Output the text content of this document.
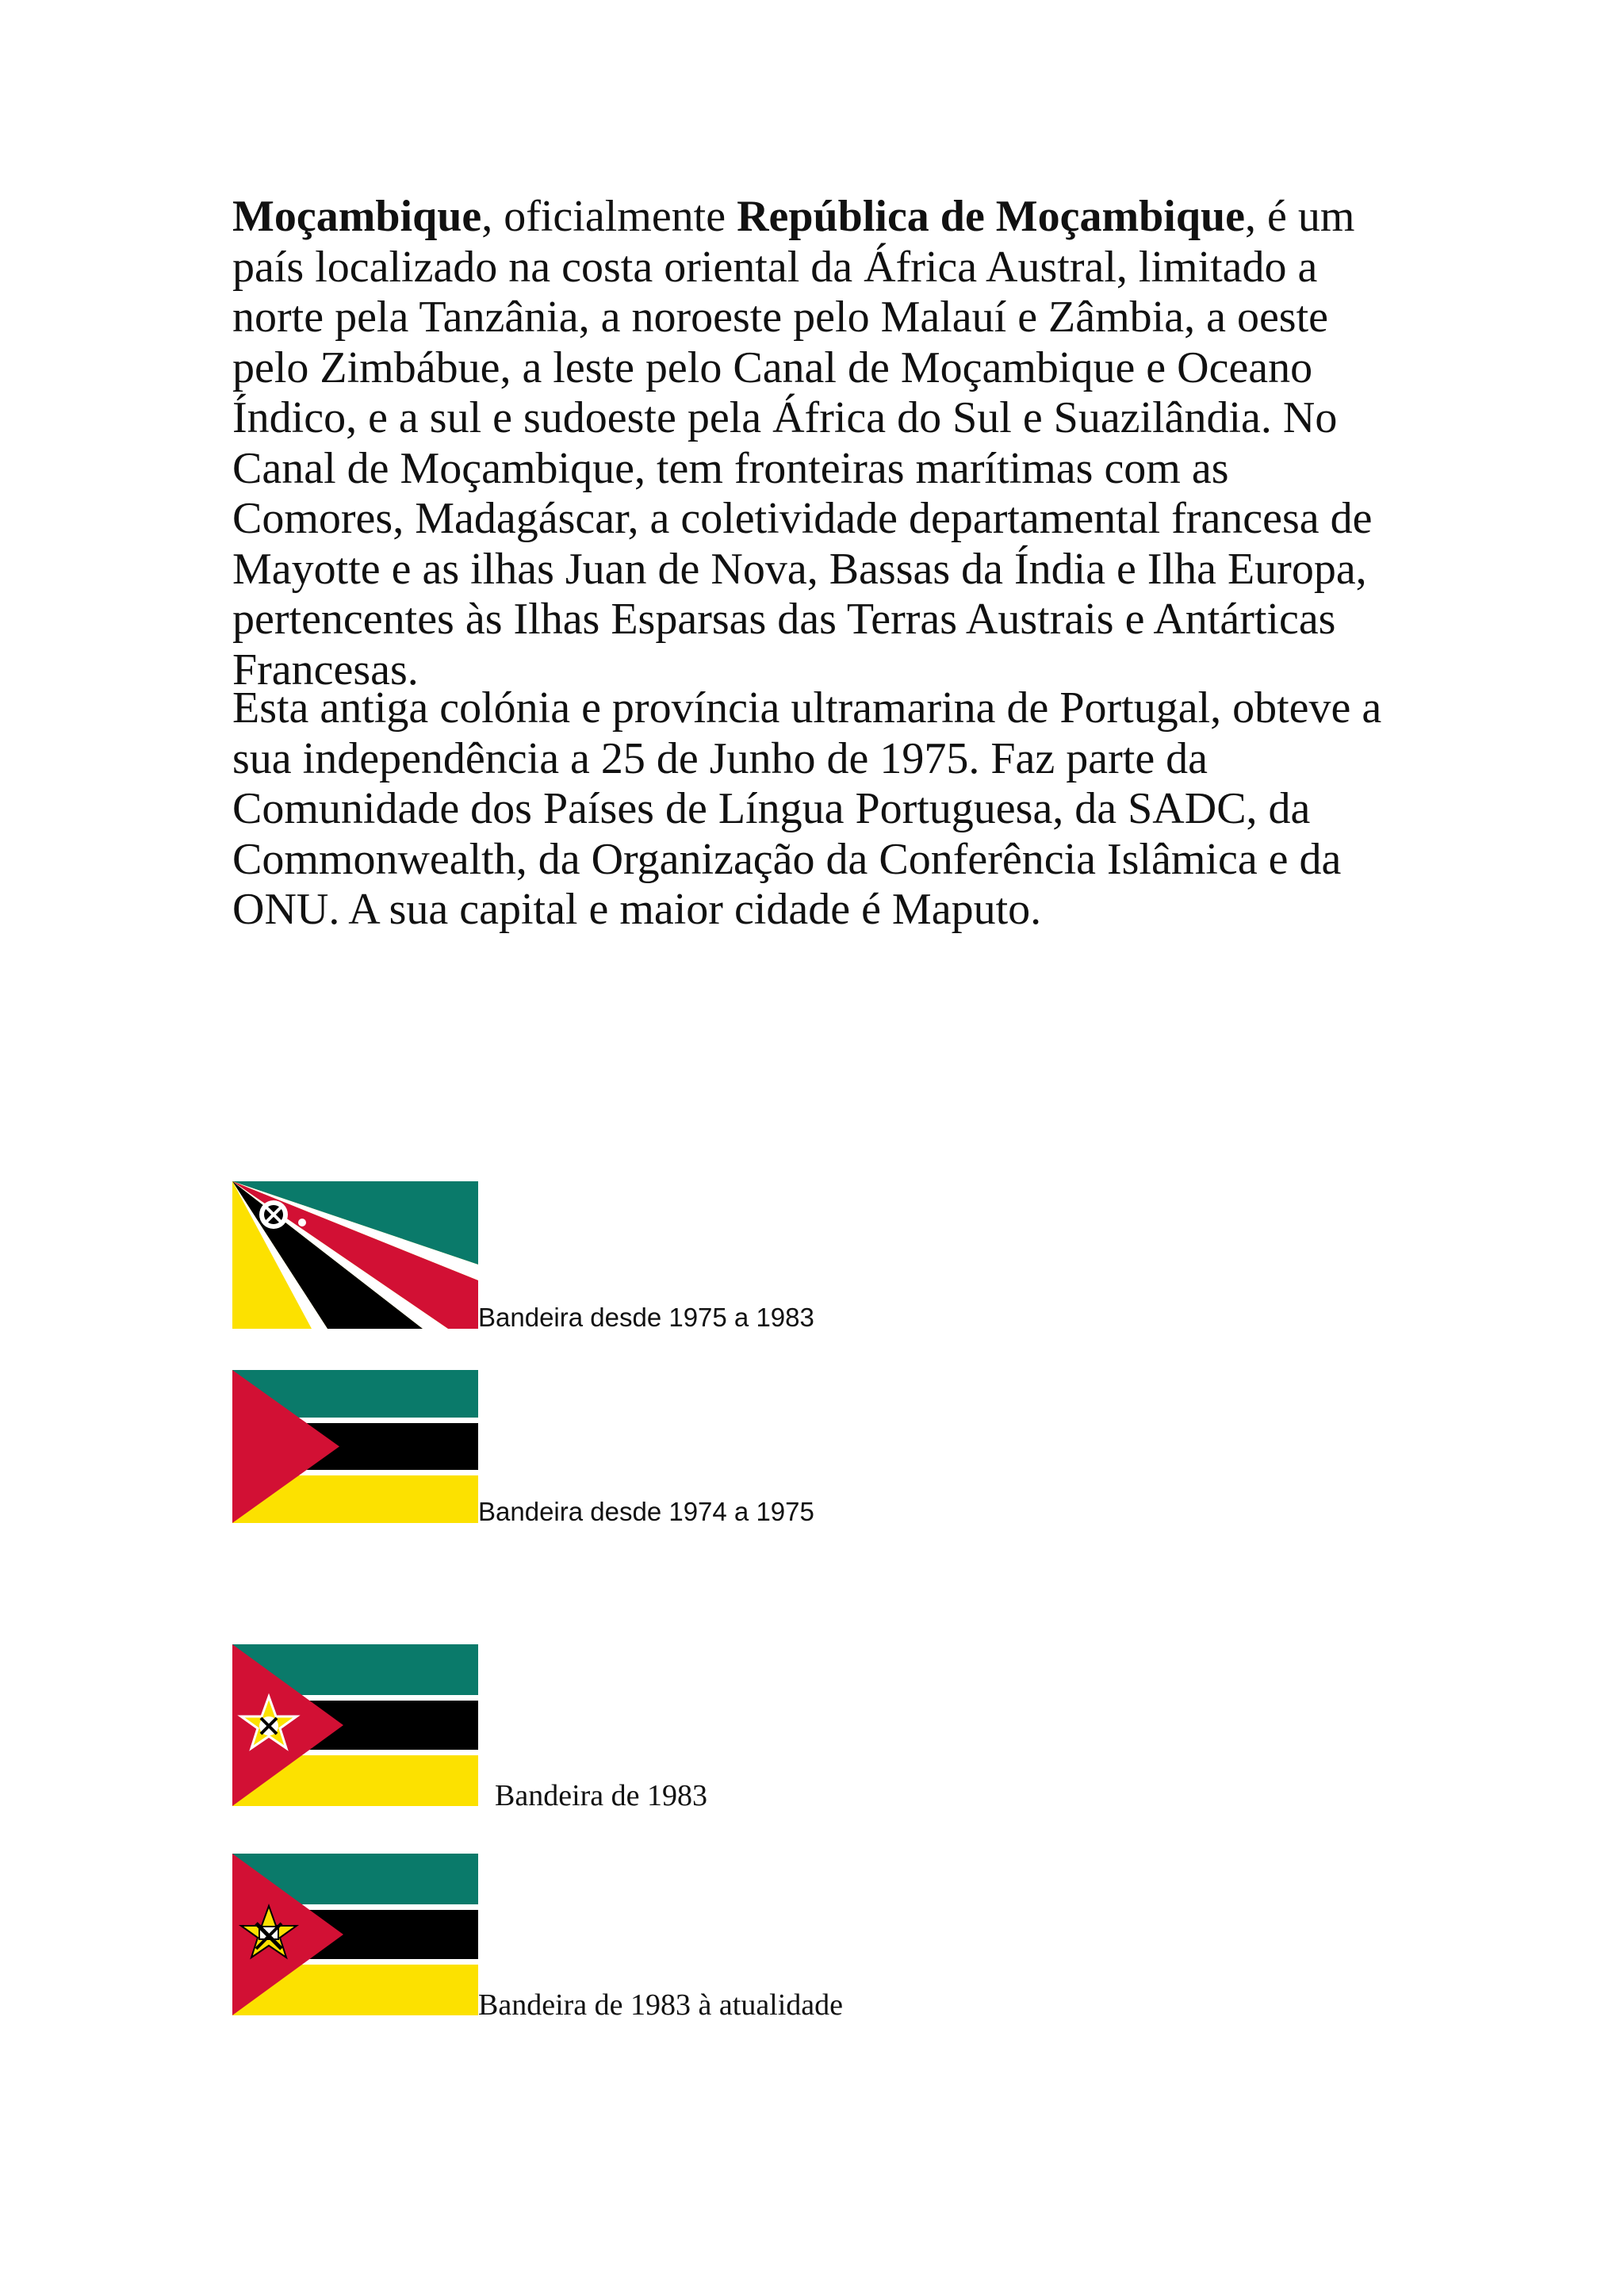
Moçambique, oficialmente República de Moçambique, é um país localizado na costa oriental da África Austral, limitado a norte pela Tanzânia, a noroeste pelo Malauí e Zâmbia, a oeste pelo Zimbábue, a leste pelo Canal de Moçambique e Oceano Índico, e a sul e sudoeste pela África do Sul e Suazilândia. No Canal de Moçambique, tem fronteiras marítimas com as Comores, Madagáscar, a coletividade departamental francesa de Mayotte e as ilhas Juan de Nova, Bassas da Índia e Ilha Europa, pertencentes às Ilhas Esparsas das Terras Austrais e Antárticas Francesas.

Esta antiga colónia e província ultramarina de Portugal, obteve a sua independência a 25 de Junho de 1975. Faz parte da Comunidade dos Países de Língua Portuguesa, da SADC, da Commonwealth, da Organização da Conferência Islâmica e da ONU. A sua capital e maior cidade é Maputo.

Bandeira desde 1975 a 1983
Bandeira desde 1974 a 1975
Bandeira de 1983
Bandeira de 1983 à atualidade
